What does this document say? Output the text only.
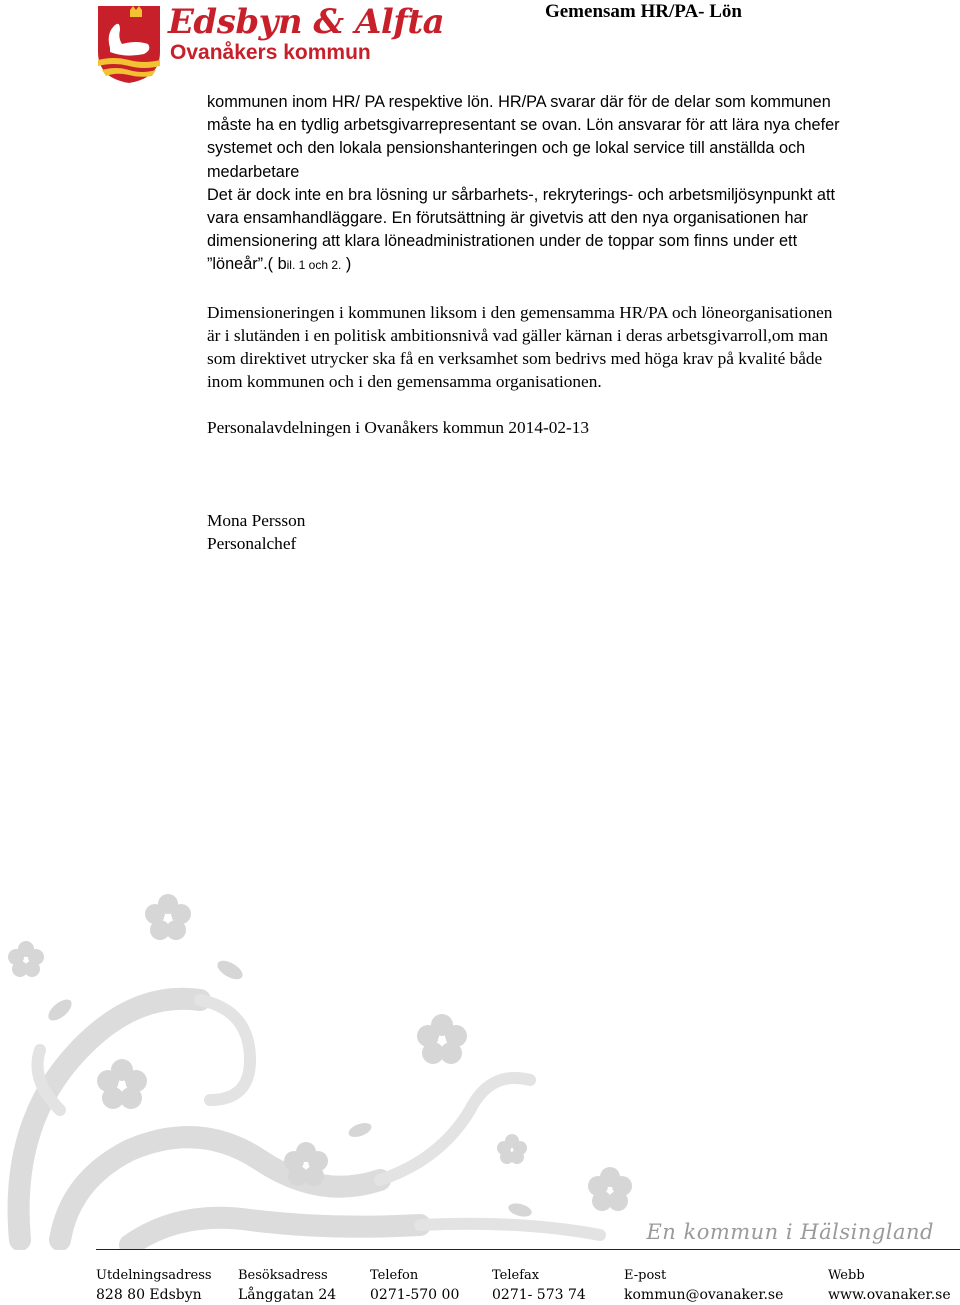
Edsbyn & Alfta
Ovanåkers kommun
Gemensam HR/PA- Lön

kommunen inom HR/ PA respektive lön. HR/PA svarar där för de delar som kommunen

måste ha en tydlig arbetsgivarrepresentant se ovan. Lön ansvarar för att lära nya chefer

systemet och den lokala pensionshanteringen och ge lokal service till anställda och

medarbetare

Det är dock inte en bra lösning ur sårbarhets-, rekryterings- och arbetsmiljösynpunkt att

vara ensamhandläggare. En förutsättning är givetvis att den nya organisationen har

dimensionering att klara löneadministrationen under de toppar som finns under ett

”löneår”.( bil. 1 och 2. )

Dimensioneringen i kommunen liksom i den gemensamma HR/PA och löneorganisationen

är i slutänden i en politisk ambitionsnivå vad gäller kärnan i deras arbetsgivarroll,om man

som direktivet utrycker ska få en verksamhet som bedrivs med höga krav på kvalité både

inom kommunen och i den gemensamma organisationen.

Personalavdelningen i Ovanåkers kommun 2014-02-13

Mona Persson

Personalchef

En kommun i Hälsingland
Utdelningsadress
828 80 Edsbyn
Besöksadress
Långgatan 24
Telefon
0271-570 00
Telefax
0271- 573 74
E-post
kommun@ovanaker.se
Webb
www.ovanaker.se
